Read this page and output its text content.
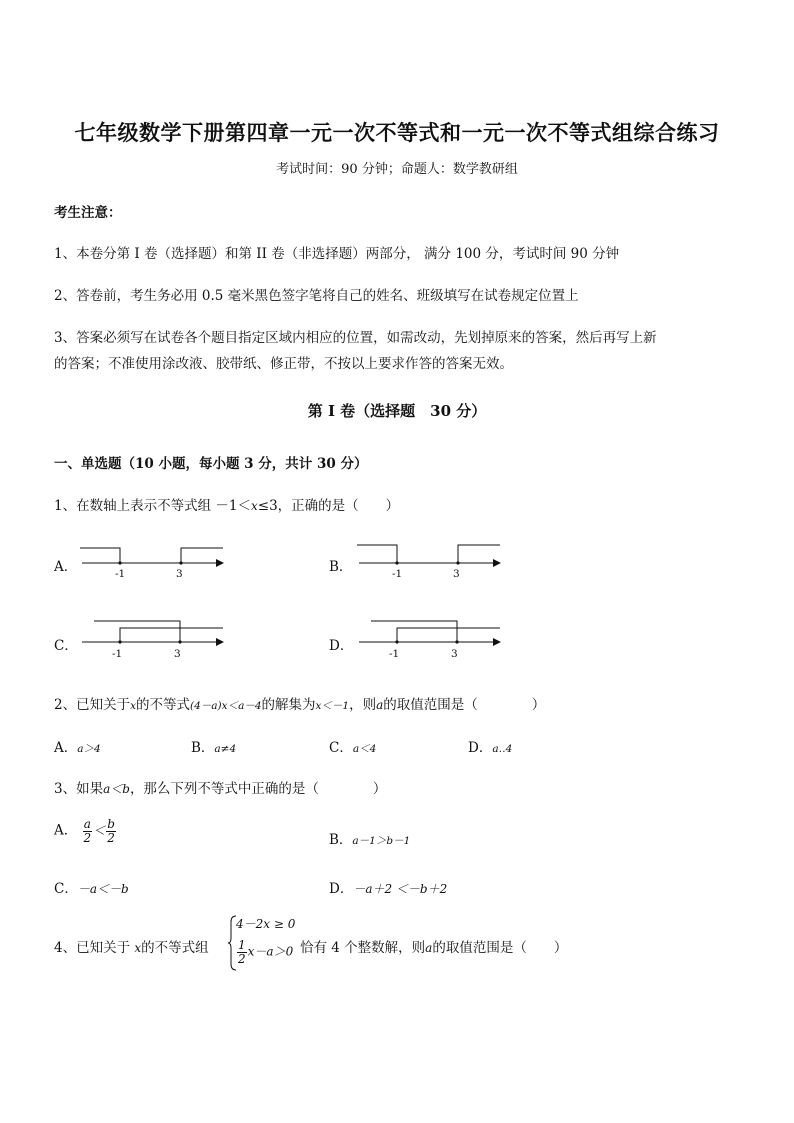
七年级数学下册第四章一元一次不等式和一元一次不等式组综合练习
考试时间：90 分钟；命题人：数学教研组
考生注意：
1、本卷分第 I 卷（选择题）和第 II 卷（非选择题）两部分， 满分 100 分，考试时间 90 分钟
2、答卷前，考生务必用 0.5 毫米黑色签字笔将自己的姓名、班级填写在试卷规定位置上
3、答案必须写在试卷各个题目指定区域内相应的位置，如需改动，先划掉原来的答案，然后再写上新
的答案；不准使用涂改液、胶带纸、修正带，不按以上要求作答的答案无效。
第 I 卷（选择题　30 分）
一、单选题（10 小题，每小题 3 分，共计 30 分）
1、在数轴上表示不等式组 －1＜x≤3，正确的是（　　）
A．	-1	3	B．	-1	3
C．	-1	3	D．	-1	3
2、已知关于x的不等式(4－a)x＜a－4的解集为x＜－1，则a的取值范围是（　　　　）
A．a＞4	B．a≠4	C．a＜4	D．a‥4
3、如果a＜b，那么下列不等式中正确的是（　　　　）
A． $\frac{a}{2} < \frac{b}{2}$	B．a－1＞b－1
C．－a＜－b	D．－a＋2 ＜－b＋2
4、已知关于 x的不等式组
4－2x ≥ 0
$\frac{1}{2} x-a>0$ 恰有 4 个整数解，则a的取值范围是（　　）
